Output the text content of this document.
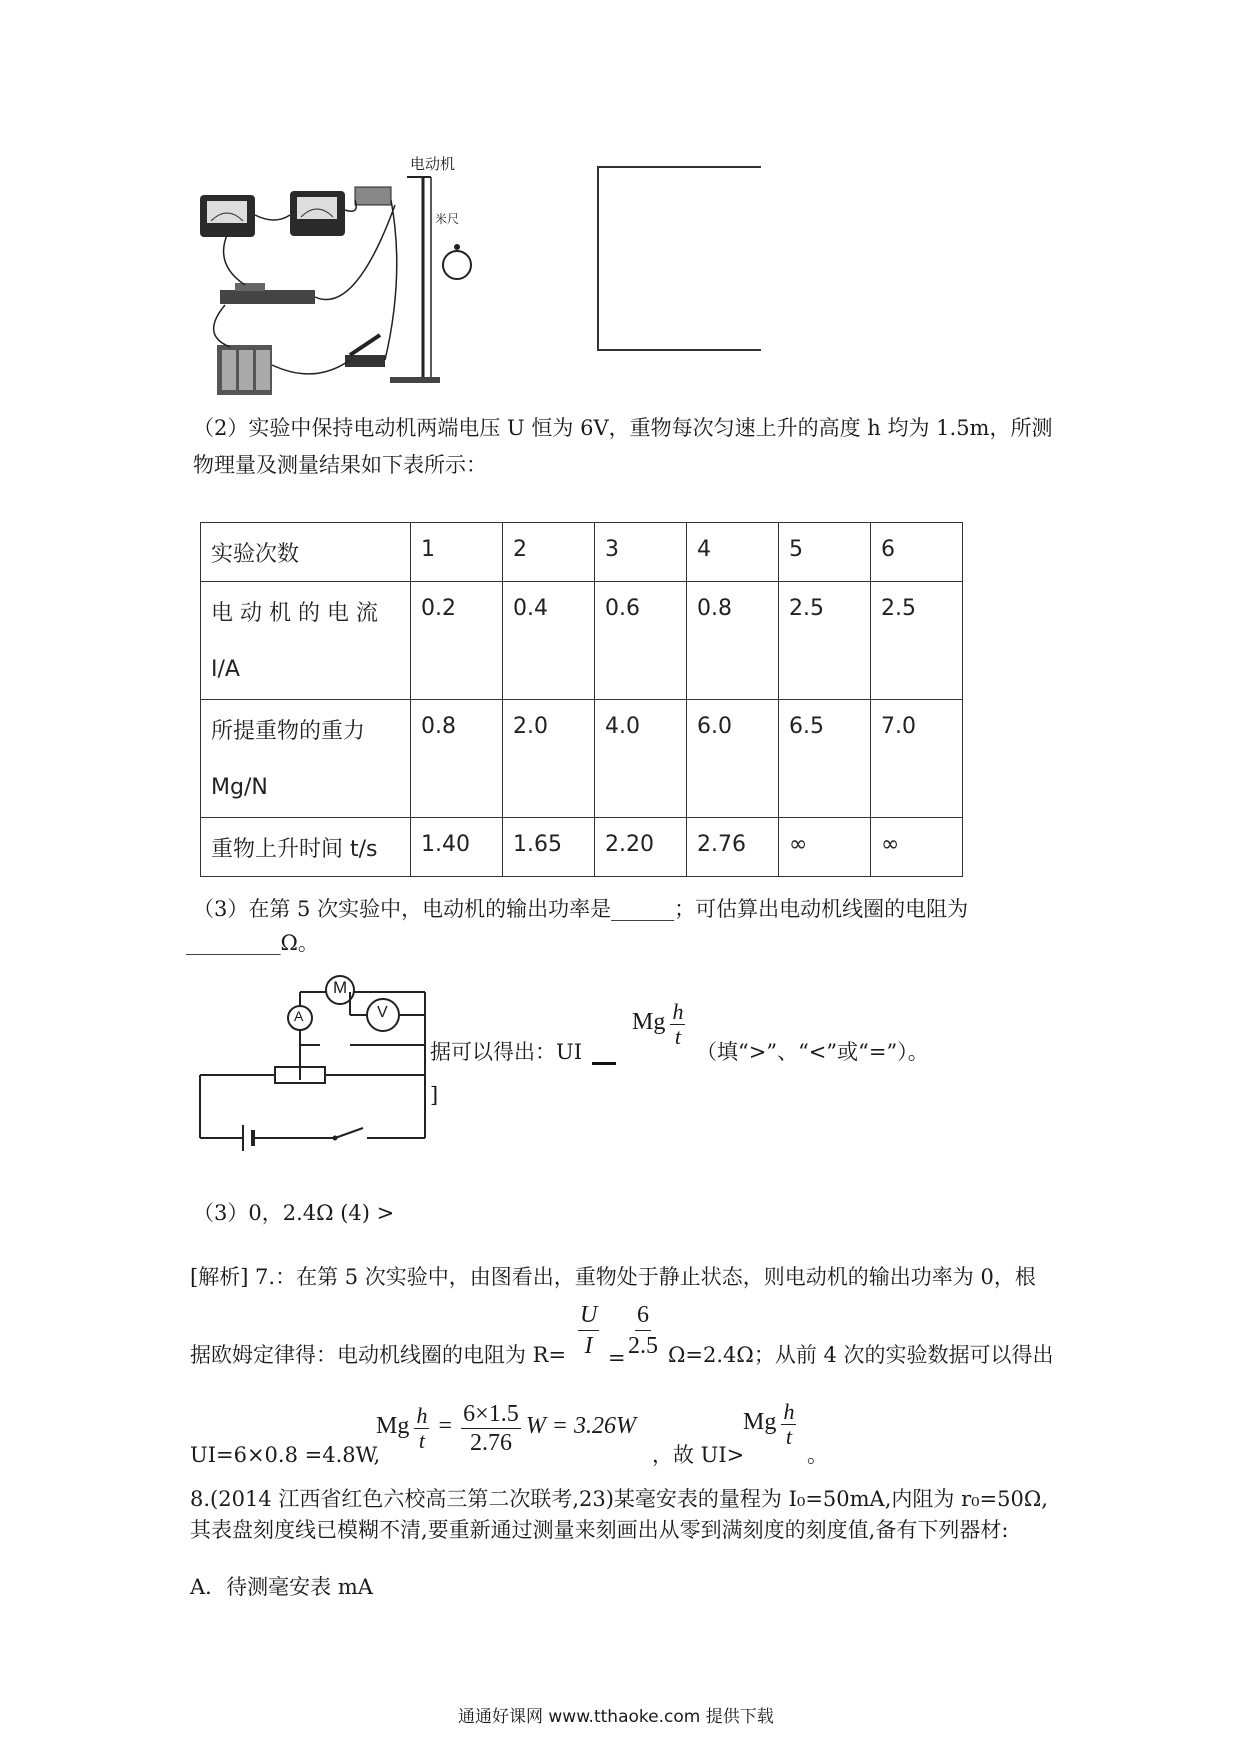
电动机
米尺
（2）实验中保持电动机两端电压 U 恒为 6V，重物每次匀速上升的高度 h 均为 1.5m，所测
物理量及测量结果如下表所示：
实验次数	1	2	3	4	5	6

电 动 机 的 电 流
I/A	0.2	0.4	0.6	0.8	2.5	2.5

所提重物的重力
Mg/N	0.8	2.0	4.0	6.0	6.5	7.0
重物上升时间 t/s	1.40	1.65	2.20	2.76	∞	∞
（3）在第 5 次实验中，电动机的输出功率是______；可估算出电动机线圈的电阻为
_________Ω。
M
V
A
据可以得出：UI
Mg $\frac{h}{t}$
（填“>”、“<”或“=”）。
]
（3）0，2.4Ω (4) >
[解析] 7.：在第 5 次实验中，由图看出，重物处于静止状态，则电动机的输出功率为 0，根
$\frac{U}{I} \frac{6}{2.5}$
据欧姆定律得：电动机线圈的电阻为 R= = Ω=2.4Ω；从前 4 次的实验数据可以得出
UI=6×0.8 =4.8W,
Mg $\frac{h}{t} = \frac{6\times 1.5}{2.76}$ W = 3.26W
，故 UI>
Mg $\frac{h}{t}$
。
8.(2014 江西省红色六校高三第二次联考,23)某毫安表的量程为 I₀=50mA,内阻为 r₀=50Ω,
其表盘刻度线已模糊不清,要重新通过测量来刻画出从零到满刻度的刻度值,备有下列器材:
A．待测毫安表 mA
通通好课网 www.tthaoke.com 提供下载
